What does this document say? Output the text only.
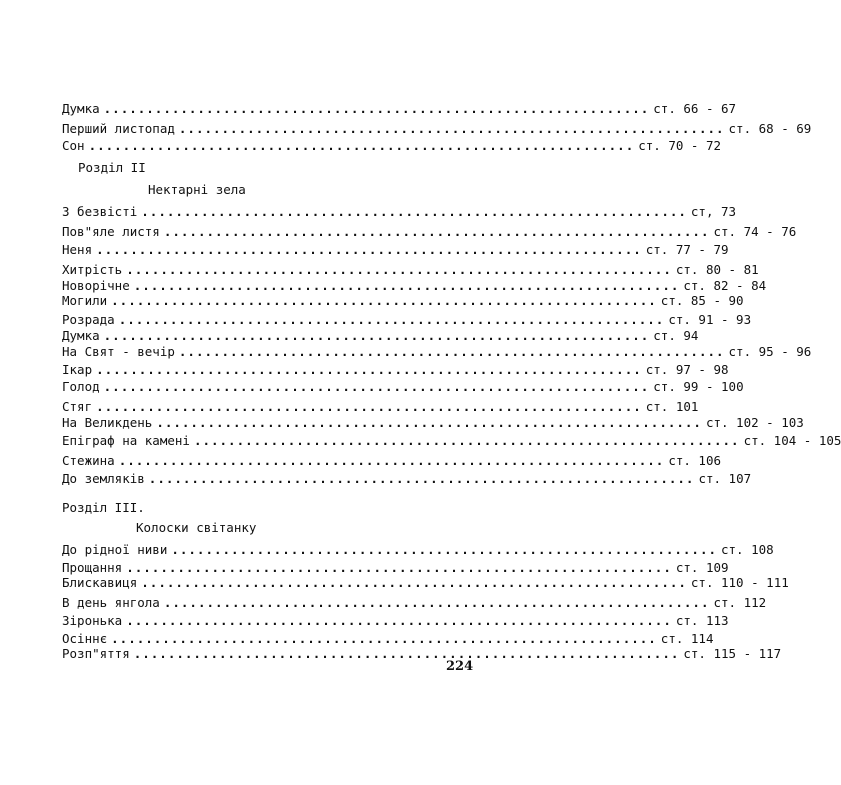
Думка ................................................................ ст. 66 - 67
Перший листопад ................................................................ ст. 68 - 69
Сон ................................................................ ст. 70 - 72
Розділ II
Нектарні зела
З безвісті ................................................................ ст, 73
Пов"яле листя ................................................................ ст. 74 - 76
Неня ................................................................ ст. 77 - 79
Хитрість ................................................................ ст. 80 - 81
Новорічне ................................................................ ст. 82 - 84
Могили ................................................................ ст. 85 - 90
Розрада ................................................................ ст. 91 - 93
Думка ................................................................ ст. 94
На Свят - вечір ................................................................ ст. 95 - 96
Ікар ................................................................ ст. 97 - 98
Голод ................................................................ ст. 99 - 100
Стяг ................................................................ ст. 101
На Великдень ................................................................ ст. 102 - 103
Епіграф на камені ................................................................ ст. 104 - 105
Стежина ................................................................ ст. 106
До земляків ................................................................ ст. 107
Розділ III.
Колоски світанку
До рідної ниви ................................................................ ст. 108
Прощання ................................................................ ст. 109
Блискавиця ................................................................ ст. 110 - 111
В день янгола ................................................................ ст. 112
Зіронька ................................................................ ст. 113
Осіннє ................................................................ ст. 114
Розп"яття ................................................................ ст. 115 - 117
224
